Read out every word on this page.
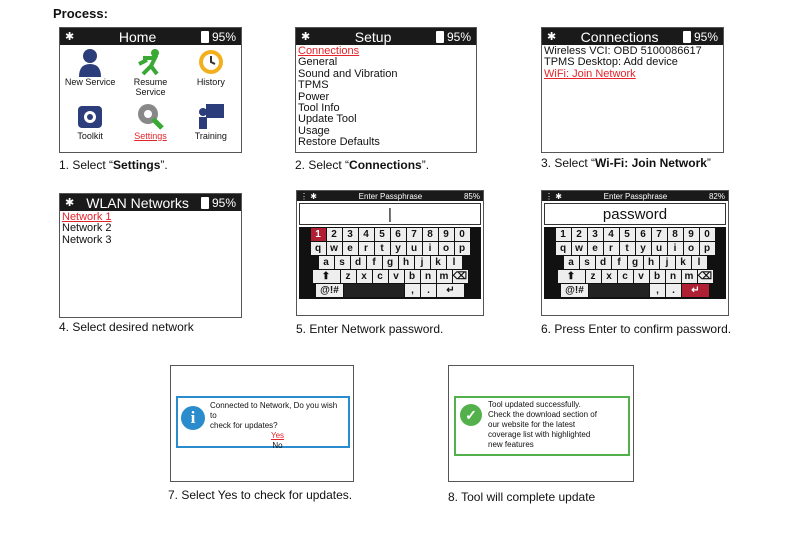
Process:
✱	Home	95%
New Service	Resume Service
History
Toolkit	Settings	Training
1. Select “Settings”.
✱	Setup	95%
Connections
General
Sound and Vibration
TPMS
Power
Tool Info
Update Tool
Usage
Restore Defaults
2. Select “Connections”.
✱	Connections	95%
Wireless VCI: OBD 5100086617
TPMS Desktop: Add device
WiFi: Join Network
3. Select “Wi-Fi: Join Network”
✱ WLAN Networks	95%
Network 1
Network 2
Network 3
4. Select desired network
⋮ ✱	Enter Passphrase	85%
|
1	2	3	4	5	6	7	8	9	0
q w e	r	t	y	u	i	o p
a	s	d	f	g h	j	k	l
⬆	z	x	c	v	b n m ⌫
@!#	,	.	↵
5. Enter Network password.
⋮ ✱	Enter Passphrase	82%
password
1	2	3	4	5	6	7	8	9	0
q w e	r	t	y	u	i	o p
a	s	d	f	g h	j	k	l
⬆	z	x	c	v	b n m ⌫
@!#	,	.	↵
6. Press Enter to confirm password.
i
Connected to Network, Do you wish to
check for updates?
Yes
No
7. Select Yes to check for updates.
✓
Tool updated successfully.
Check the download section of
our website for the latest
coverage list with highlighted
new features
8. Tool will complete update
